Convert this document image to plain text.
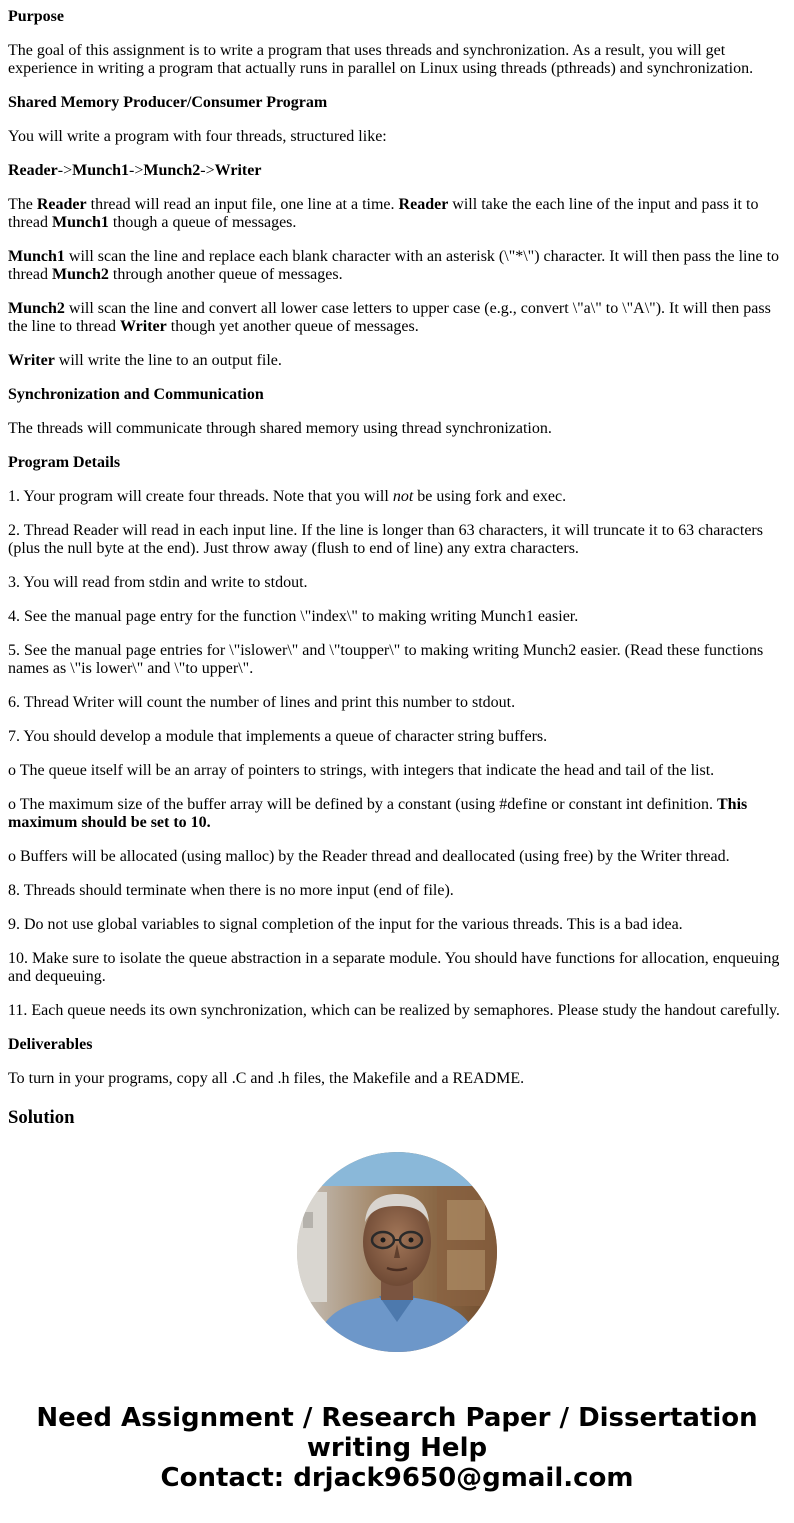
Purpose

The goal of this assignment is to write a program that uses threads and synchronization. As a result, you will get experience in writing a program that actually runs in parallel on Linux using threads (pthreads) and synchronization.

Shared Memory Producer/Consumer Program

You will write a program with four threads, structured like:

Reader->Munch1->Munch2->Writer

The Reader thread will read an input file, one line at a time. Reader will take the each line of the input and pass it to thread Munch1 though a queue of messages.

Munch1 will scan the line and replace each blank character with an asterisk (\"*\") character. It will then pass the line to thread Munch2 through another queue of messages.

Munch2 will scan the line and convert all lower case letters to upper case (e.g., convert \"a\" to \"A\"). It will then pass the line to thread Writer though yet another queue of messages.

Writer will write the line to an output file.

Synchronization and Communication

The threads will communicate through shared memory using thread synchronization.

Program Details

1. Your program will create four threads. Note that you will not be using fork and exec.

2. Thread Reader will read in each input line. If the line is longer than 63 characters, it will truncate it to 63 characters (plus the null byte at the end). Just throw away (flush to end of line) any extra characters.

3. You will read from stdin and write to stdout.

4. See the manual page entry for the function \"index\" to making writing Munch1 easier.

5. See the manual page entries for \"islower\" and \"toupper\" to making writing Munch2 easier. (Read these functions names as \"is lower\" and \"to upper\".

6. Thread Writer will count the number of lines and print this number to stdout.

7. You should develop a module that implements a queue of character string buffers.

o The queue itself will be an array of pointers to strings, with integers that indicate the head and tail of the list.

o The maximum size of the buffer array will be defined by a constant (using #define or constant int definition. This maximum should be set to 10.

o Buffers will be allocated (using malloc) by the Reader thread and deallocated (using free) by the Writer thread.

8. Threads should terminate when there is no more input (end of file).

9. Do not use global variables to signal completion of the input for the various threads. This is a bad idea.

10. Make sure to isolate the queue abstraction in a separate module. You should have functions for allocation, enqueuing and dequeuing.

11. Each queue needs its own synchronization, which can be realized by semaphores. Please study the handout carefully.

Deliverables

To turn in your programs, copy all .C and .h files, the Makefile and a README.

Solution
Need Assignment / Research Paper / Dissertation
writing Help
Contact: drjack9650@gmail.com
